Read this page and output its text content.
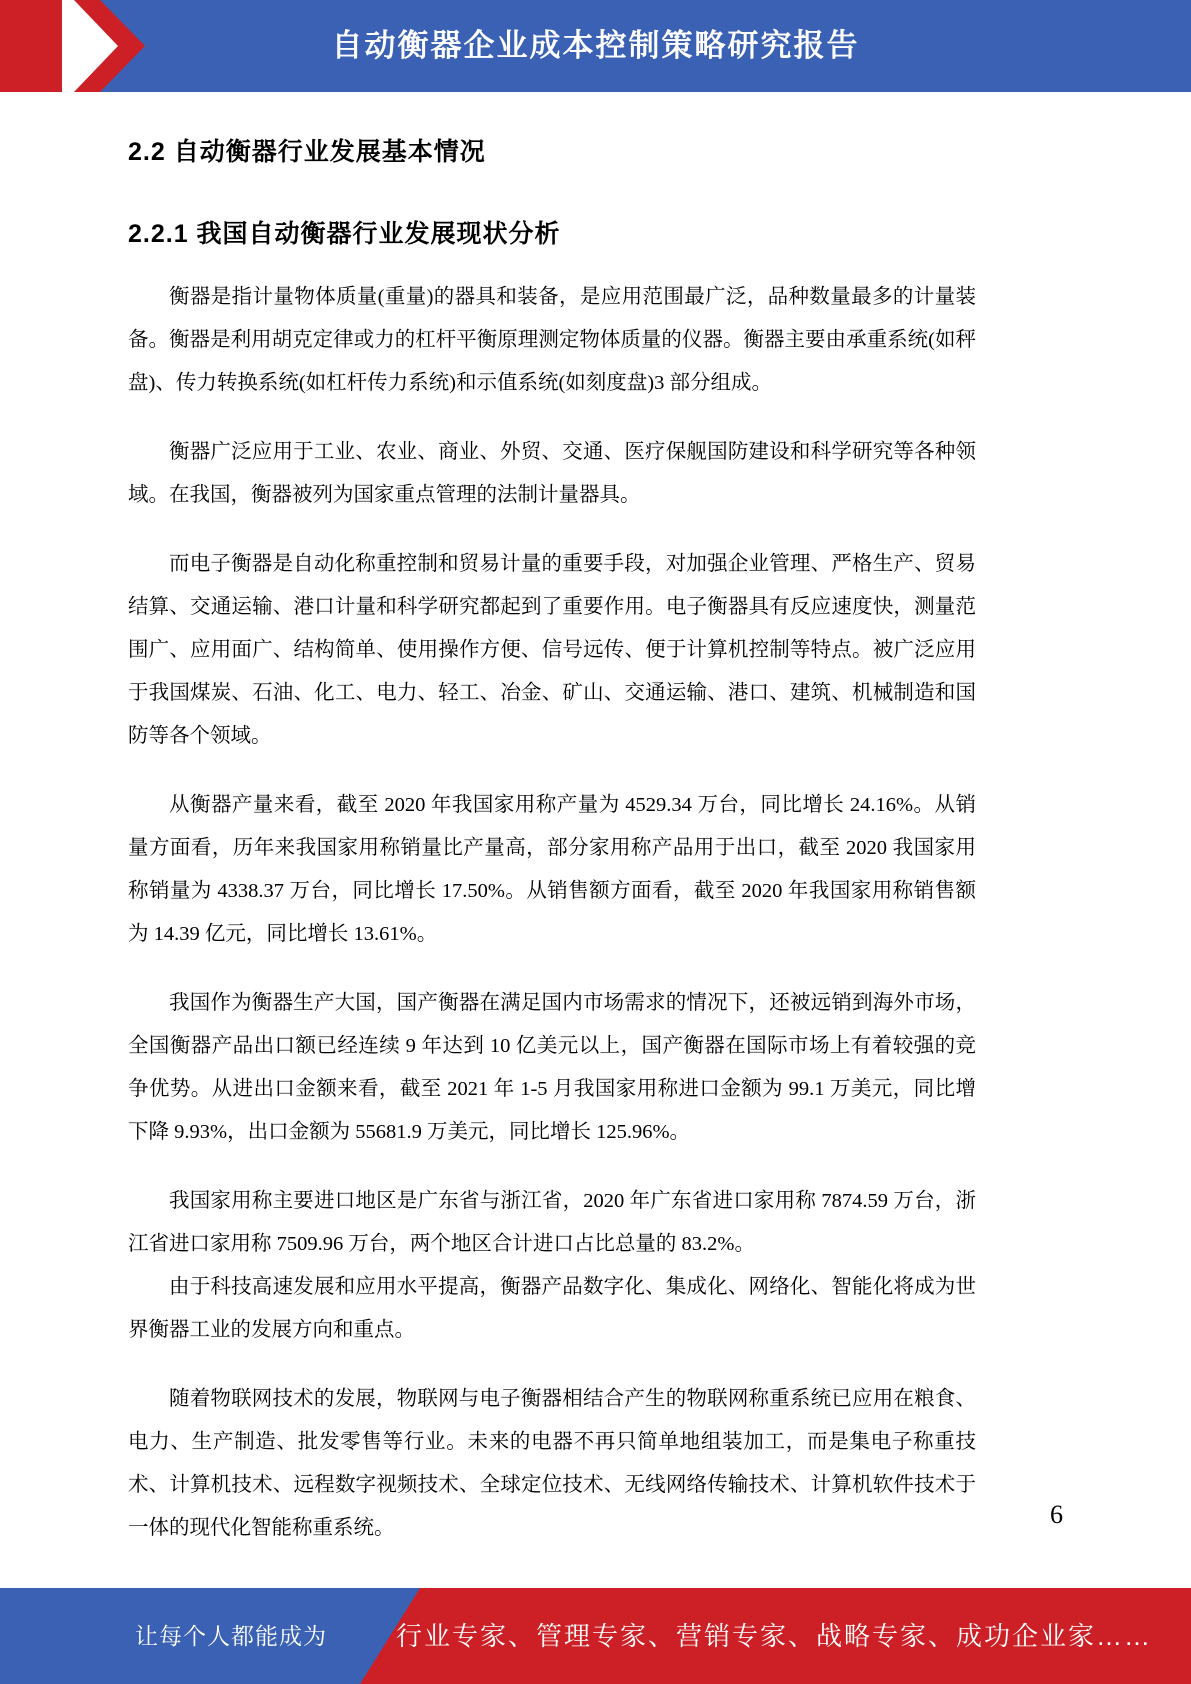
自动衡器企业成本控制策略研究报告
2.2 自动衡器行业发展基本情况
2.2.1 我国自动衡器行业发展现状分析

衡器是指计量物体质量(重量)的器具和装备，是应用范围最广泛，品种数量最多的计量装备。衡器是利用胡克定律或力的杠杆平衡原理测定物体质量的仪器。衡器主要由承重系统(如秤盘)、传力转换系统(如杠杆传力系统)和示值系统(如刻度盘)3 部分组成。

衡器广泛应用于工业、农业、商业、外贸、交通、医疗保舰国防建设和科学研究等各种领域。在我国，衡器被列为国家重点管理的法制计量器具。

而电子衡器是自动化称重控制和贸易计量的重要手段，对加强企业管理、严格生产、贸易结算、交通运输、港口计量和科学研究都起到了重要作用。电子衡器具有反应速度快，测量范围广、应用面广、结构简单、使用操作方便、信号远传、便于计算机控制等特点。被广泛应用于我国煤炭、石油、化工、电力、轻工、冶金、矿山、交通运输、港口、建筑、机械制造和国防等各个领域。

从衡器产量来看，截至 2020 年我国家用称产量为 4529.34 万台，同比增长 24.16%。从销量方面看，历年来我国家用称销量比产量高，部分家用称产品用于出口，截至 2020 我国家用称销量为 4338.37 万台，同比增长 17.50%。从销售额方面看，截至 2020 年我国家用称销售额为 14.39 亿元，同比增长 13.61%。

我国作为衡器生产大国，国产衡器在满足国内市场需求的情况下，还被远销到海外市场，全国衡器产品出口额已经连续 9 年达到 10 亿美元以上，国产衡器在国际市场上有着较强的竞争优势。从进出口金额来看，截至 2021 年 1-5 月我国家用称进口金额为 99.1 万美元，同比增下降 9.93%，出口金额为 55681.9 万美元，同比增长 125.96%。

我国家用称主要进口地区是广东省与浙江省，2020 年广东省进口家用称 7874.59 万台，浙江省进口家用称 7509.96 万台，两个地区合计进口占比总量的 83.2%。

由于科技高速发展和应用水平提高，衡器产品数字化、集成化、网络化、智能化将成为世界衡器工业的发展方向和重点。

随着物联网技术的发展，物联网与电子衡器相结合产生的物联网称重系统已应用在粮食、电力、生产制造、批发零售等行业。未来的电器不再只简单地组装加工，而是集电子称重技术、计算机技术、远程数字视频技术、全球定位技术、无线网络传输技术、计算机软件技术于一体的现代化智能称重系统。	6
让每个人都能成为	行业专家、管理专家、营销专家、战略专家、成功企业家……
